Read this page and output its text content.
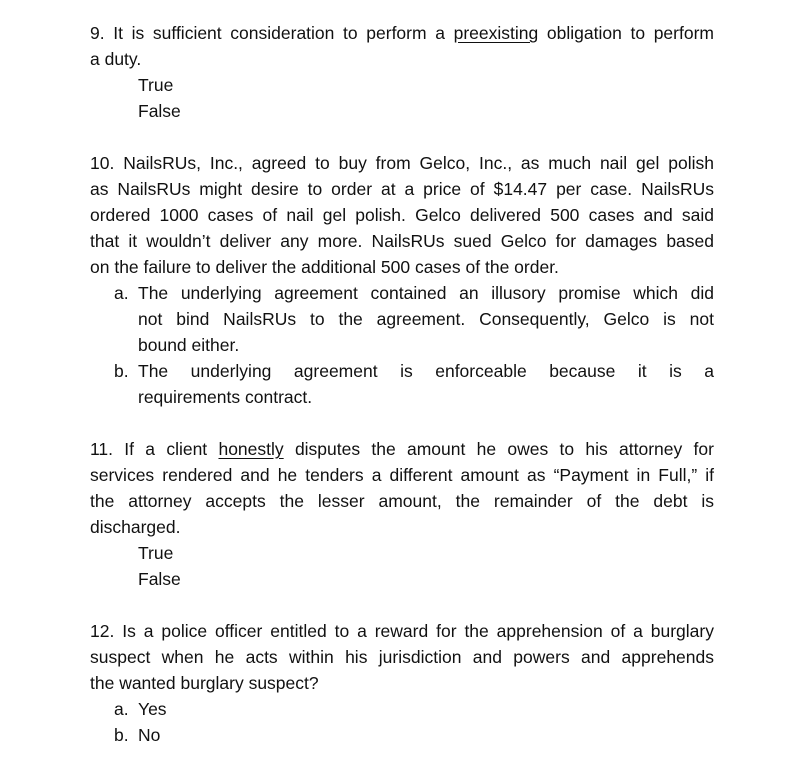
9. It is sufficient consideration to perform a preexisting obligation to perform
a duty.
True
False
10. NailsRUs, Inc., agreed to buy from Gelco, Inc., as much nail gel polish
as NailsRUs might desire to order at a price of $14.47 per case. NailsRUs
ordered 1000 cases of nail gel polish. Gelco delivered 500 cases and said
that it wouldn’t deliver any more. NailsRUs sued Gelco for damages based
on the failure to deliver the additional 500 cases of the order.
a. The underlying agreement contained an illusory promise which did
not bind NailsRUs to the agreement. Consequently, Gelco is not
bound either.
b. The underlying agreement is enforceable because it is a
requirements contract.
11. If a client honestly disputes the amount he owes to his attorney for
services rendered and he tenders a different amount as “Payment in Full,” if
the attorney accepts the lesser amount, the remainder of the debt is
discharged.
True
False
12. Is a police officer entitled to a reward for the apprehension of a burglary
suspect when he acts within his jurisdiction and powers and apprehends
the wanted burglary suspect?
a. Yes
b. No
